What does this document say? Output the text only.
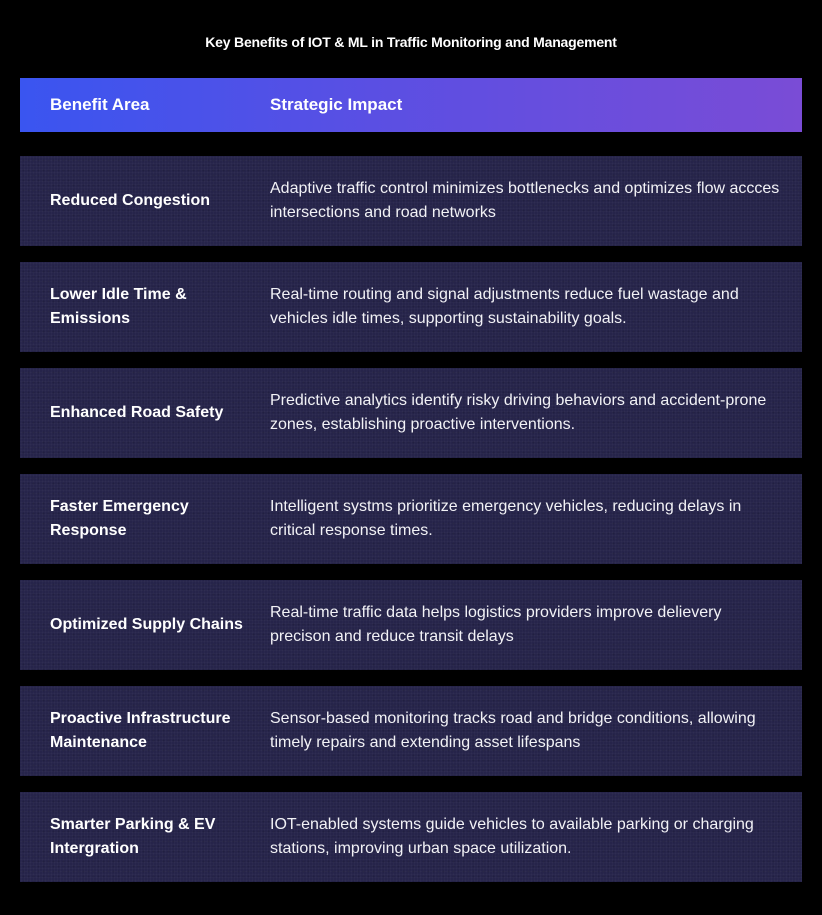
Key Benefits of IOT & ML in Traffic Monitoring and Management
Benefit Area	Strategic Impact
Reduced Congestion
Adaptive traffic control minimizes bottlenecks and optimizes flow accces intersections and road networks
Lower Idle Time & Emissions
Real-time routing and signal adjustments reduce fuel wastage and vehicles idle times, supporting sustainability goals.
Enhanced Road Safety
Predictive analytics identify risky driving behaviors and accident-prone zones, establishing proactive interventions.
Faster Emergency Response
Intelligent systms prioritize emergency vehicles, reducing delays in critical response times.
Optimized Supply Chains
Real-time traffic data helps logistics providers improve delievery precison and reduce transit delays
Proactive Infrastructure Maintenance
Sensor-based monitoring tracks road and bridge conditions, allowing timely repairs and extending asset lifespans
Smarter Parking & EV Intergration
IOT-enabled systems guide vehicles to available parking or charging stations, improving urban space utilization.
